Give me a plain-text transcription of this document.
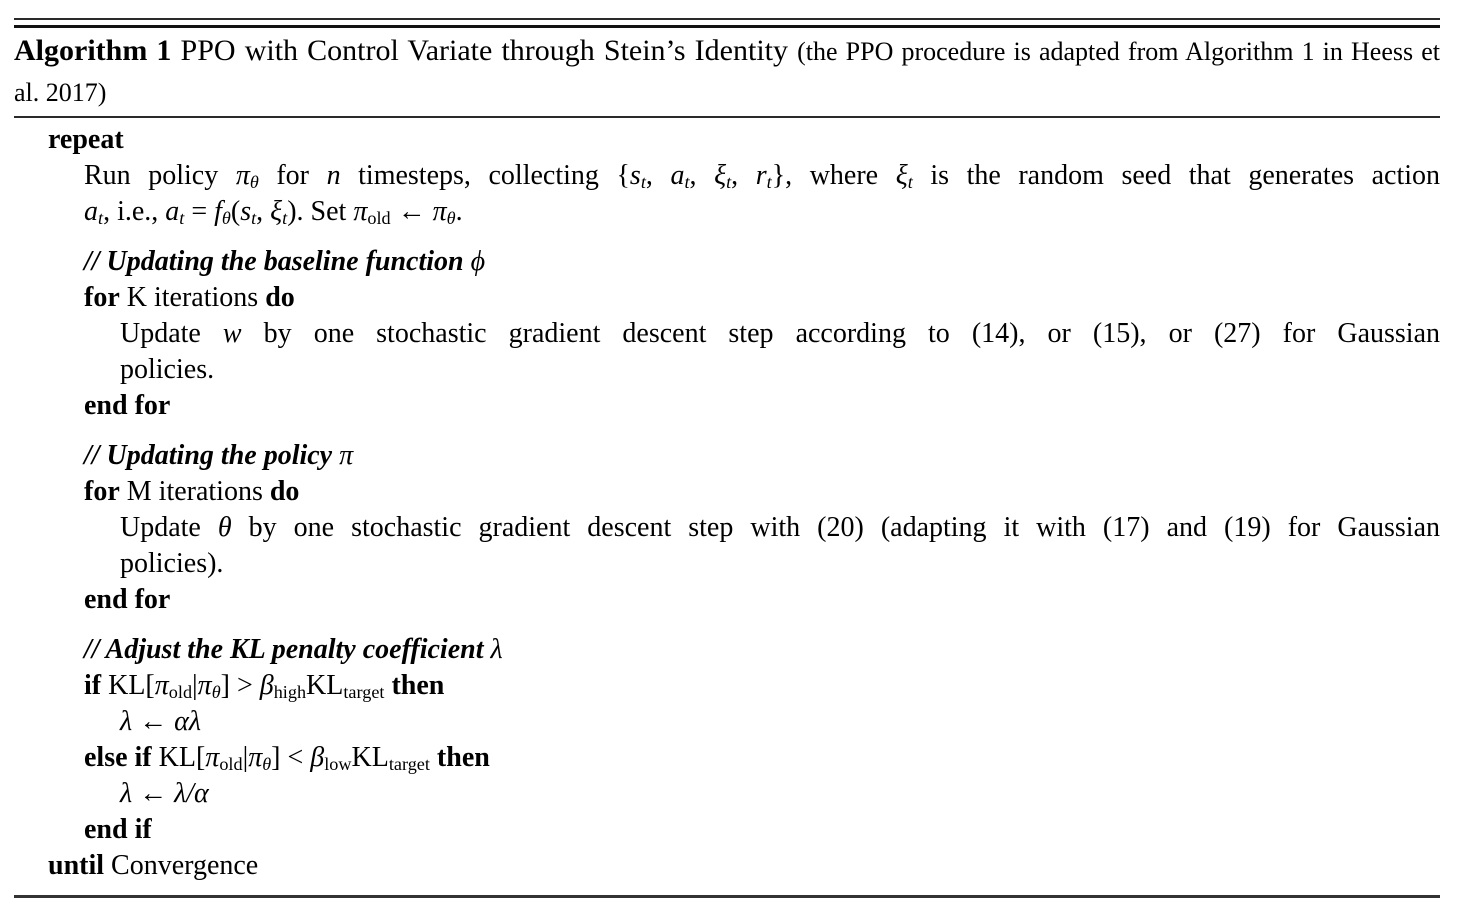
Algorithm 1 PPO with Control Variate through Stein’s Identity (the PPO procedure is adapted from Algorithm 1 in Heess et al. 2017)
repeat
Run policy $\pi_\theta$ for n timesteps, collecting {$s_t$, $a_t$, $\xi_t$, $r_t$}, where $\xi_t$ is the random seed that generates action
$a_t$, i.e., $a_t = f_\theta(s_t$, $\xi_t$). Set $\pi_{old}$ ← $\pi_\theta$.
// Updating the baseline function ϕ
for K iterations do
Update w by one stochastic gradient descent step according to (14), or (15), or (27) for Gaussian
policies.
end for
// Updating the policy π
for M iterations do
Update θ by one stochastic gradient descent step with (20) (adapting it with (17) and (19) for Gaussian
policies).
end for
// Adjust the KL penalty coefficient λ
if $KL[\pi_{old}|\pi_\theta] > \beta_{high}KL_{target}$ then
λ ← αλ
else if $KL[\pi_{old}|\pi_\theta] < \beta_{low}KL_{target}$ then
λ ← λ/α
end if
until Convergence
